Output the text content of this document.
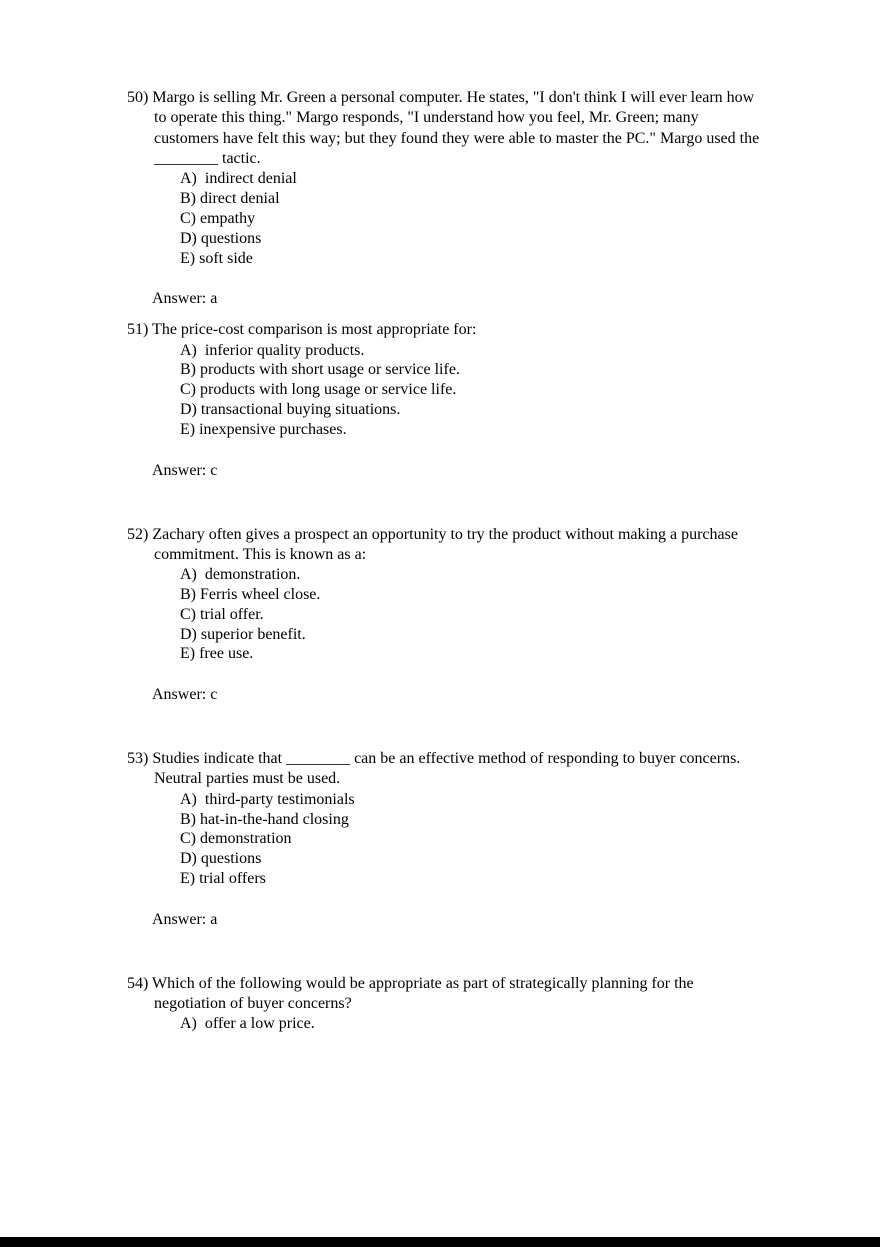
50) Margo is selling Mr. Green a personal computer. He states, "I don't think I will ever learn how to operate this thing." Margo responds, "I understand how you feel, Mr. Green; many customers have felt this way; but they found they were able to master the PC." Margo used the ________ tactic.

A)  indirect denial

B) direct denial

C) empathy

D) questions

E) soft side

Answer: a

51) The price-cost comparison is most appropriate for:

A)  inferior quality products.

B) products with short usage or service life.

C) products with long usage or service life.

D) transactional buying situations.

E) inexpensive purchases.

Answer: c

52) Zachary often gives a prospect an opportunity to try the product without making a purchase commitment. This is known as a:

A)  demonstration.

B) Ferris wheel close.

C) trial offer.

D) superior benefit.

E) free use.

Answer: c

53) Studies indicate that ________ can be an effective method of responding to buyer concerns. Neutral parties must be used.

A)  third-party testimonials

B) hat-in-the-hand closing

C) demonstration

D) questions

E) trial offers

Answer: a

54) Which of the following would be appropriate as part of strategically planning for the negotiation of buyer concerns?

A)  offer a low price.
